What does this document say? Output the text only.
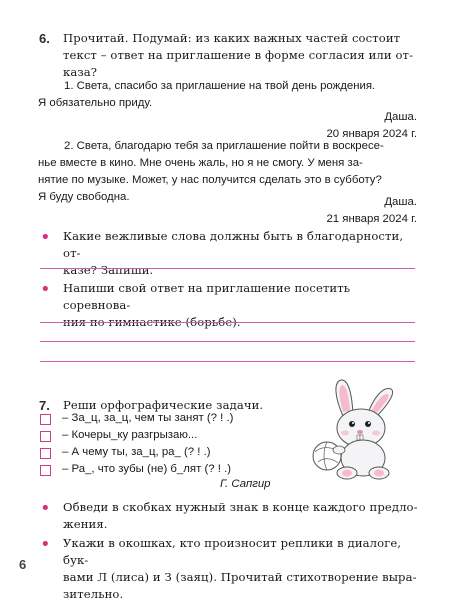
6. Прочитай. Подумай: из каких важных частей состоит
текст – ответ на приглашение в форме согласия или от-
каза?
1. Света, спасибо за приглашение на твой день рождения.
Я обязательно приду.
Даша.
20 января 2024 г.
2. Света, благодарю тебя за приглашение пойти в воскресе-
нье вместе в кино. Мне очень жаль, но я не смогу. У меня за-
нятие по музыке. Может, у нас получится сделать это в субботу?
Я буду свободна.	Даша.
21 января 2024 г.
• Какие вежливые слова должны быть в благодарности, от-
казе? Запиши.
• Напиши свой ответ на приглашение посетить соревнова-
ния по гимнастике (борьбе).
7. Реши орфографические задачи.
– За_ц, за_ц, чем ты занят (? ! .)
– Кочеры_ку разгрызаю...
– А чему ты, за_ц, ра_ (? ! .)
– Ра_, что зубы (не) б_лят (? ! .)
Г. Сапгир
• Обведи в скобках нужный знак в конце каждого предло-
жения.
• Укажи в окошках, кто произносит реплики в диалоге, бук-
вами Л (лиса) и З (заяц). Прочитай стихотворение выра-
зительно.
6
